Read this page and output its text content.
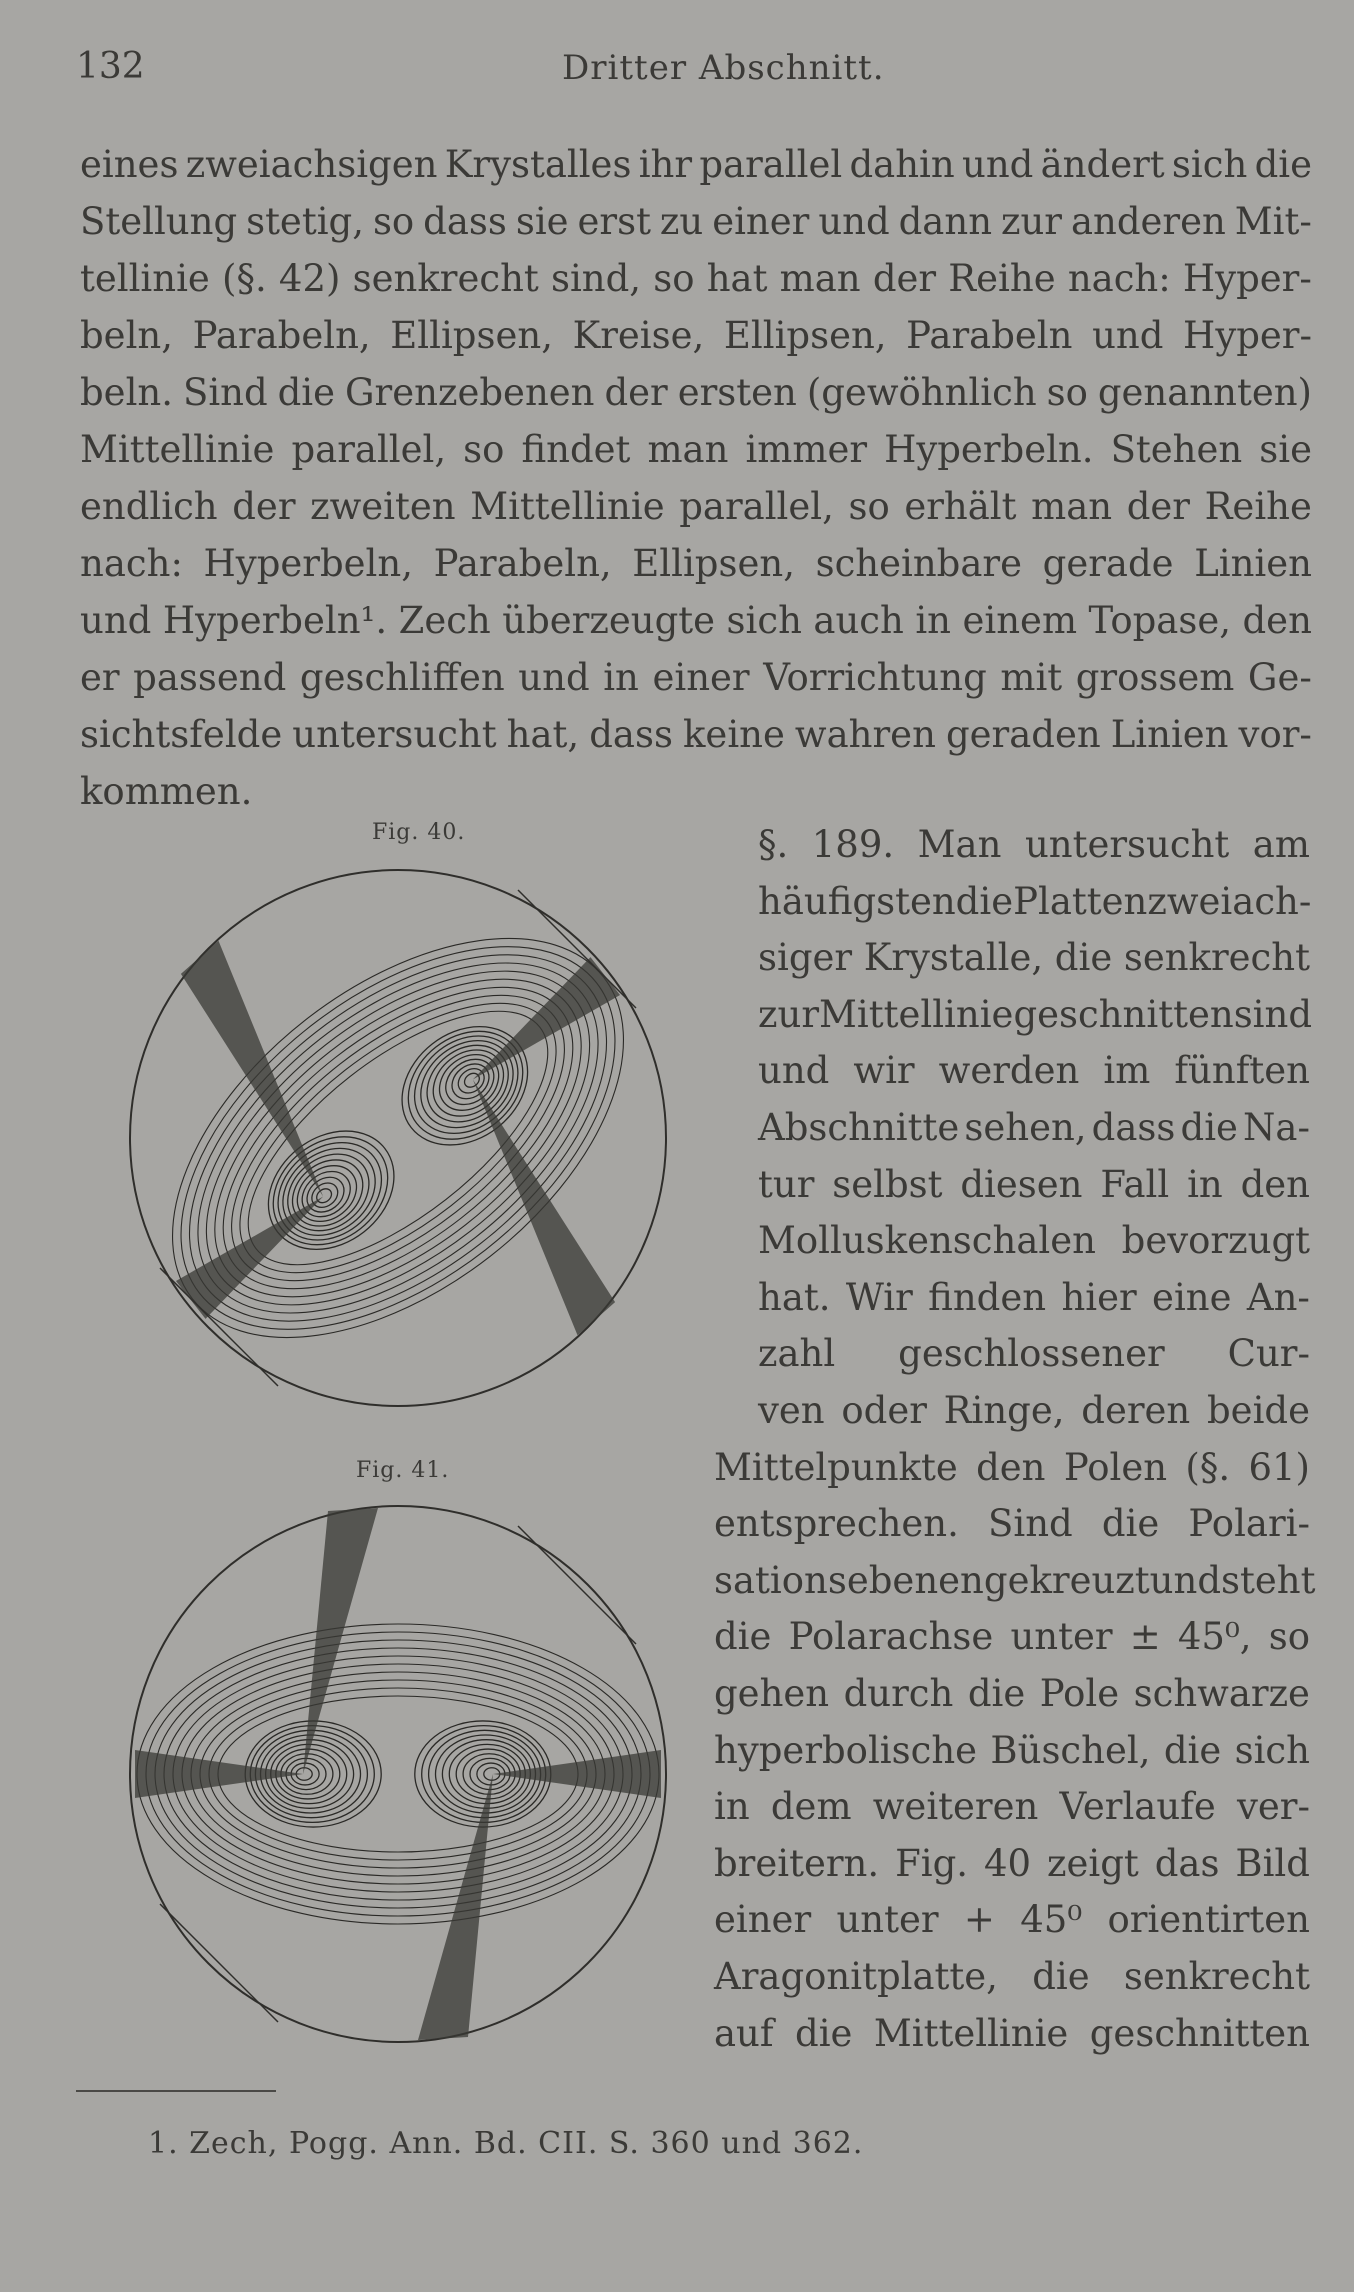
132	Dritter Abschnitt.
eines zweiachsigen Krystalles ihr parallel dahin und ändert sich die
Stellung stetig, so dass sie erst zu einer und dann zur anderen Mit-
tellinie (§. 42) senkrecht sind, so hat man der Reihe nach: Hyper-
beln, Parabeln, Ellipsen, Kreise, Ellipsen, Parabeln und Hyper-
beln. Sind die Grenzebenen der ersten (gewöhnlich so genannten)
Mittellinie parallel, so findet man immer Hyperbeln. Stehen sie
endlich der zweiten Mittellinie parallel, so erhält man der Reihe
nach: Hyperbeln, Parabeln, Ellipsen, scheinbare gerade Linien
und Hyperbeln¹. Zech überzeugte sich auch in einem Topase, den
er passend geschliffen und in einer Vorrichtung mit grossem Ge-
sichtsfelde untersucht hat, dass keine wahren geraden Linien vor-
kommen.
Fig. 40.
Fig. 41.
§. 189. Man untersucht am
häufigsten die Platten zweiach-
siger Krystalle, die senkrecht
zur Mittellinie geschnitten sind
und wir werden im fünften
Abschnitte sehen, dass die Na-
tur selbst diesen Fall in den
Molluskenschalen bevorzugt
hat. Wir finden hier eine An-
zahl geschlossener Cur-
ven oder Ringe, deren beide
Mittelpunkte den Polen (§. 61)
entsprechen. Sind die Polari-
sationsebenen gekreuzt und steht
die Polarachse unter ± 45⁰, so
gehen durch die Pole schwarze
hyperbolische Büschel, die sich
in dem weiteren Verlaufe ver-
breitern. Fig. 40 zeigt das Bild
einer unter + 45⁰ orientirten
Aragonitplatte, die senkrecht
auf die Mittellinie geschnitten
1. Zech, Pogg. Ann. Bd. CII. S. 360 und 362.
